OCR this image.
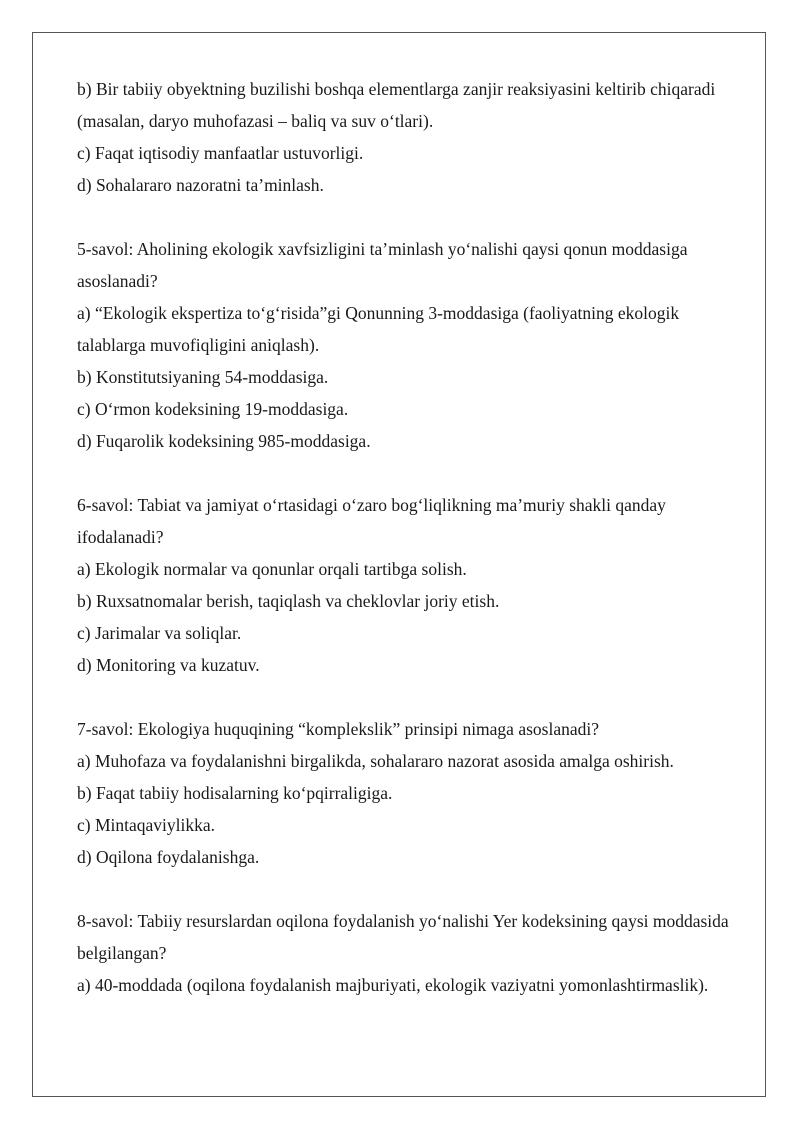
b) Bir tabiiy obyektning buzilishi boshqa elementlarga zanjir reaksiyasini keltirib chiqaradi (masalan, daryo muhofazasi – baliq va suv o‘tlari).

c) Faqat iqtisodiy manfaatlar ustuvorligi.

d) Sohalararo nazoratni ta’minlash.

5-savol: Aholining ekologik xavfsizligini ta’minlash yo‘nalishi qaysi qonun moddasiga asoslanadi?

a) “Ekologik ekspertiza to‘g‘risida”gi Qonunning 3-moddasiga (faoliyatning ekologik talablarga muvofiqligini aniqlash).

b) Konstitutsiyaning 54-moddasiga.

c) O‘rmon kodeksining 19-moddasiga.

d) Fuqarolik kodeksining 985-moddasiga.

6-savol: Tabiat va jamiyat o‘rtasidagi o‘zaro bog‘liqlikning ma’muriy shakli qanday ifodalanadi?

a) Ekologik normalar va qonunlar orqali tartibga solish.

b) Ruxsatnomalar berish, taqiqlash va cheklovlar joriy etish.

c) Jarimalar va soliqlar.

d) Monitoring va kuzatuv.

7-savol: Ekologiya huquqining “komplekslik” prinsipi nimaga asoslanadi?

a) Muhofaza va foydalanishni birgalikda, sohalararo nazorat asosida amalga oshirish.

b) Faqat tabiiy hodisalarning ko‘pqirraligiga.

c) Mintaqaviylikka.

d) Oqilona foydalanishga.

8-savol: Tabiiy resurslardan oqilona foydalanish yo‘nalishi Yer kodeksining qaysi moddasida belgilangan?

a) 40-moddada (oqilona foydalanish majburiyati, ekologik vaziyatni yomonlashtirmaslik).
